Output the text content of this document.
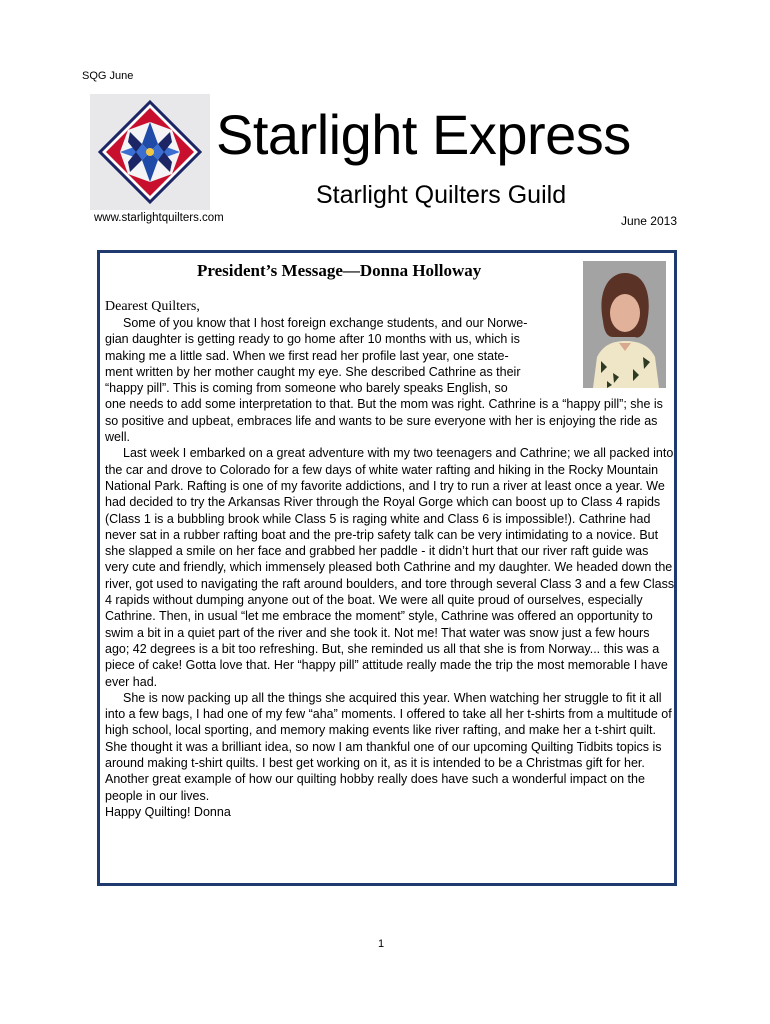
SQG June
Starlight Express
Starlight Quilters Guild
www.starlightquilters.com	June 2013
President’s Message—Donna Holloway
Dearest Quilters,

Some of you know that I host foreign exchange students, and our Norwe-

gian daughter is getting ready to go home after 10 months with us, which is

making me a little sad. When we first read her profile last year, one state-

ment written by her mother caught my eye. She described Cathrine as their

“happy pill”. This is coming from someone who barely speaks English, so

one needs to add some interpretation to that. But the mom was right. Cathrine is a “happy pill”; she is so positive and upbeat, embraces life and wants to be sure everyone with her is enjoying the ride as well.

Last week I embarked on a great adventure with my two teenagers and Cathrine; we all packed into the car and drove to Colorado for a few days of white water rafting and hiking in the Rocky Mountain National Park. Rafting is one of my favorite addictions, and I try to run a river at least once a year. We had decided to try the Arkansas River through the Royal Gorge which can boost up to Class 4 rapids (Class 1 is a bubbling brook while Class 5 is raging white and Class 6 is impossible!). Cathrine had never sat in a rubber rafting boat and the pre-trip safety talk can be very intimidating to a novice. But she slapped a smile on her face and grabbed her paddle - it didn’t hurt that our river raft guide was very cute and friendly, which immensely pleased both Cathrine and my daughter. We headed down the river, got used to navigating the raft around boulders, and tore through several Class 3 and a few Class 4 rapids without dumping anyone out of the boat. We were all quite proud of ourselves, especially Cathrine. Then, in usual “let me embrace the moment” style, Cathrine was offered an opportunity to swim a bit in a quiet part of the river and she took it. Not me! That water was snow just a few hours ago; 42 degrees is a bit too refreshing. But, she reminded us all that she is from Norway... this was a piece of cake! Gotta love that. Her “happy pill” attitude really made the trip the most memorable I have ever had.

She is now packing up all the things she acquired this year. When watching her struggle to fit it all into a few bags, I had one of my few “aha” moments. I offered to take all her t-shirts from a multitude of high school, local sporting, and memory making events like river rafting, and make her a t-shirt quilt. She thought it was a brilliant idea, so now I am thankful one of our upcoming Quilting Tidbits topics is around making t-shirt quilts. I best get working on it, as it is intended to be a Christmas gift for her. Another great example of how our quilting hobby really does have such a wonderful impact on the people in our lives.

Happy Quilting! Donna

1
